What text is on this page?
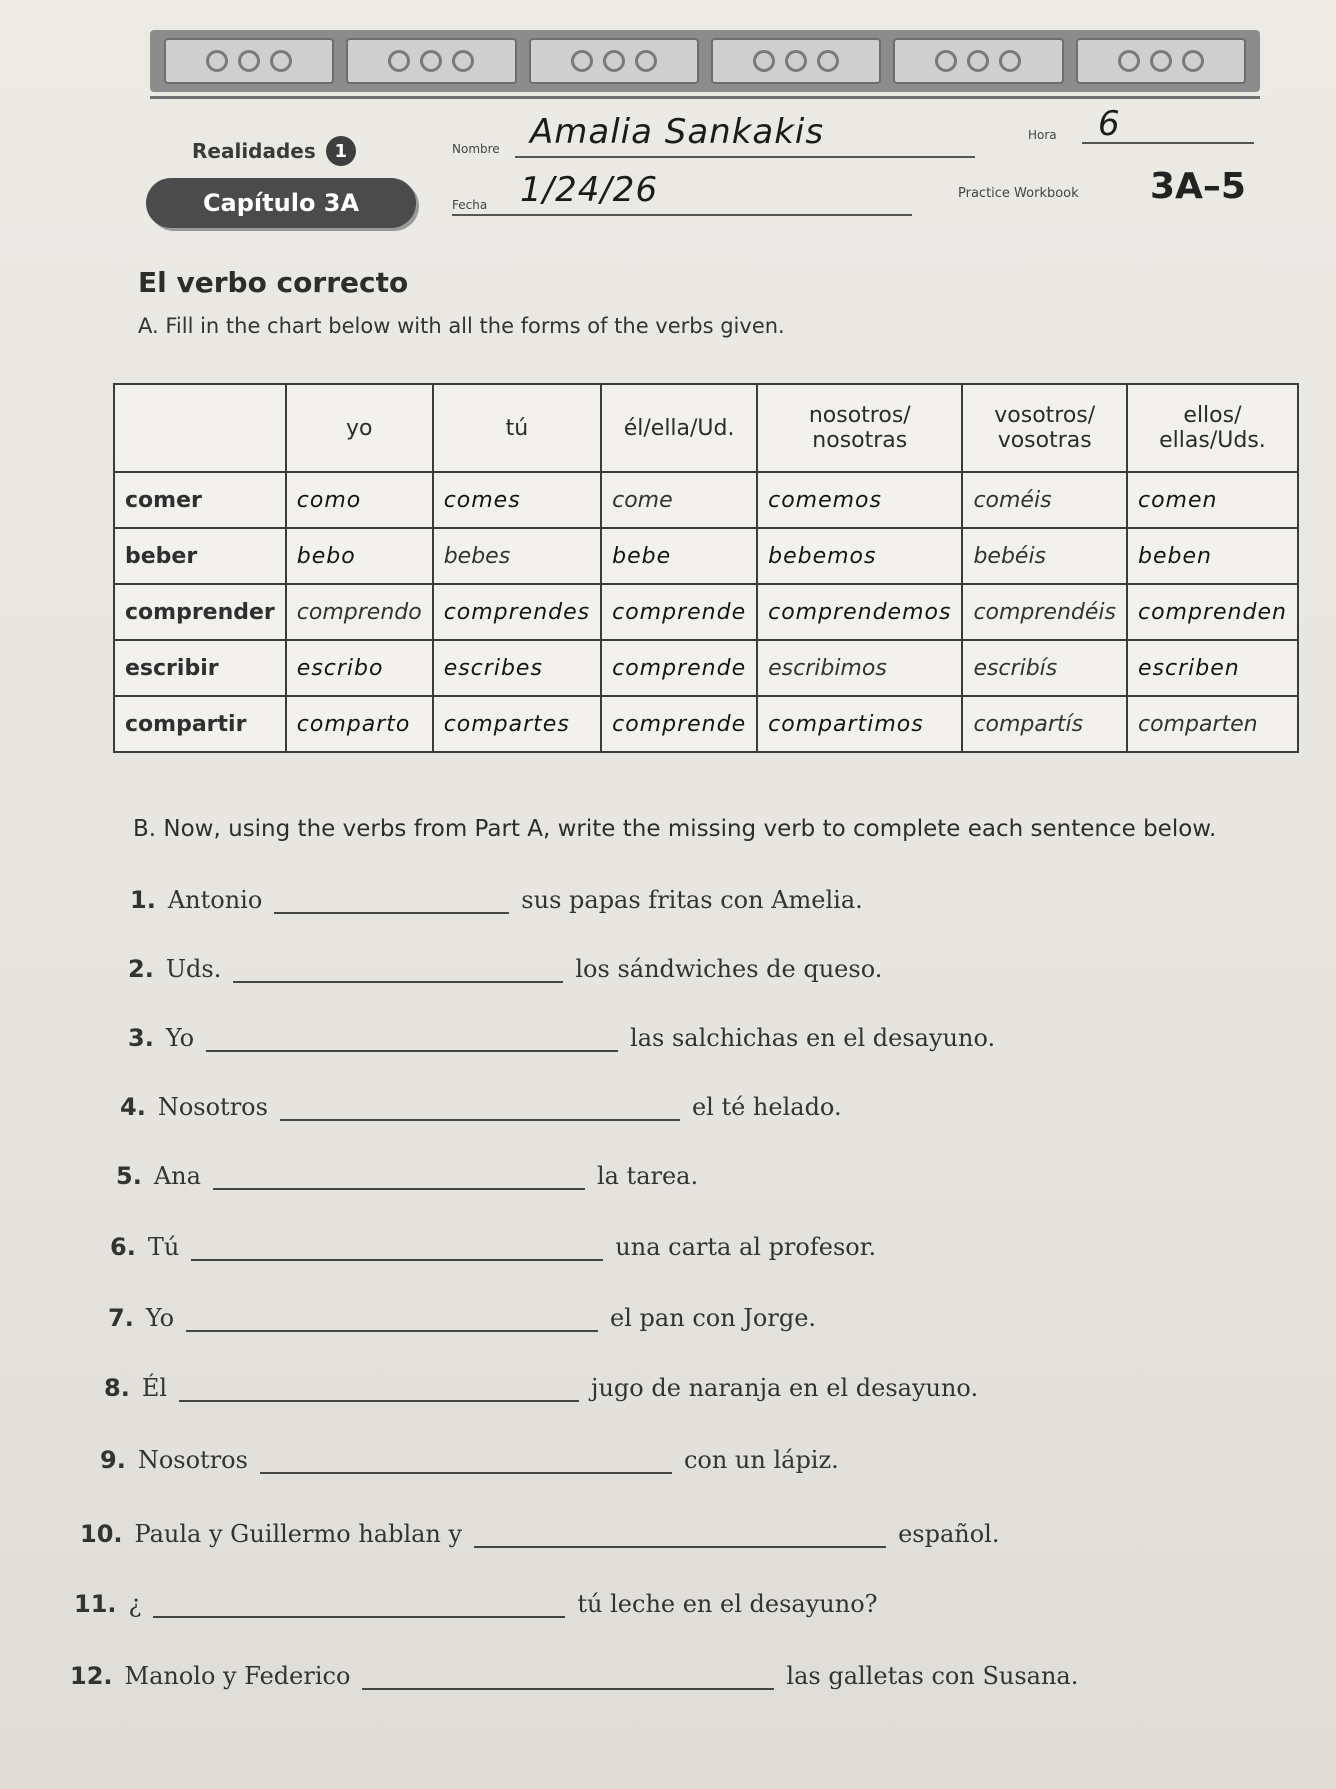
Realidades	1	Nombre Amalia Sankakis	Hora 6
Capítulo 3A	Fecha 1/24/26	Practice Workbook 3A–5
El verbo correcto
A. Fill in the chart below with all the forms of the verbs given.
	yo	tú	él/ella/Ud.	nosotros/ nosotras	vosotros/ vosotras	ellos/ ellas/Uds.
comer	como	comes	come	comemos	coméis	comen
beber	bebo	bebes	bebe	bebemos	bebéis	beben
comprender	comprendo	comprendes	comprende	comprendemos	comprendéis	comprenden
escribir	escribo	escribes	comprende	escribimos	escribís	escriben
compartir	comparto	compartes	comprende	compartimos	compartís	comparten
B. Now, using the verbs from Part A, write the missing verb to complete each sentence below.
1. Antonio	sus papas fritas con Amelia.
2. Uds.	los sándwiches de queso.
3. Yo	las salchichas en el desayuno.
4. Nosotros	el té helado.
5. Ana	la tarea.
6. Tú	una carta al profesor.
7. Yo	el pan con Jorge.
8. Él	jugo de naranja en el desayuno.
9. Nosotros	con un lápiz.
10. Paula y Guillermo hablan y	español.
11. ¿	tú leche en el desayuno?
12. Manolo y Federico	las galletas con Susana.
